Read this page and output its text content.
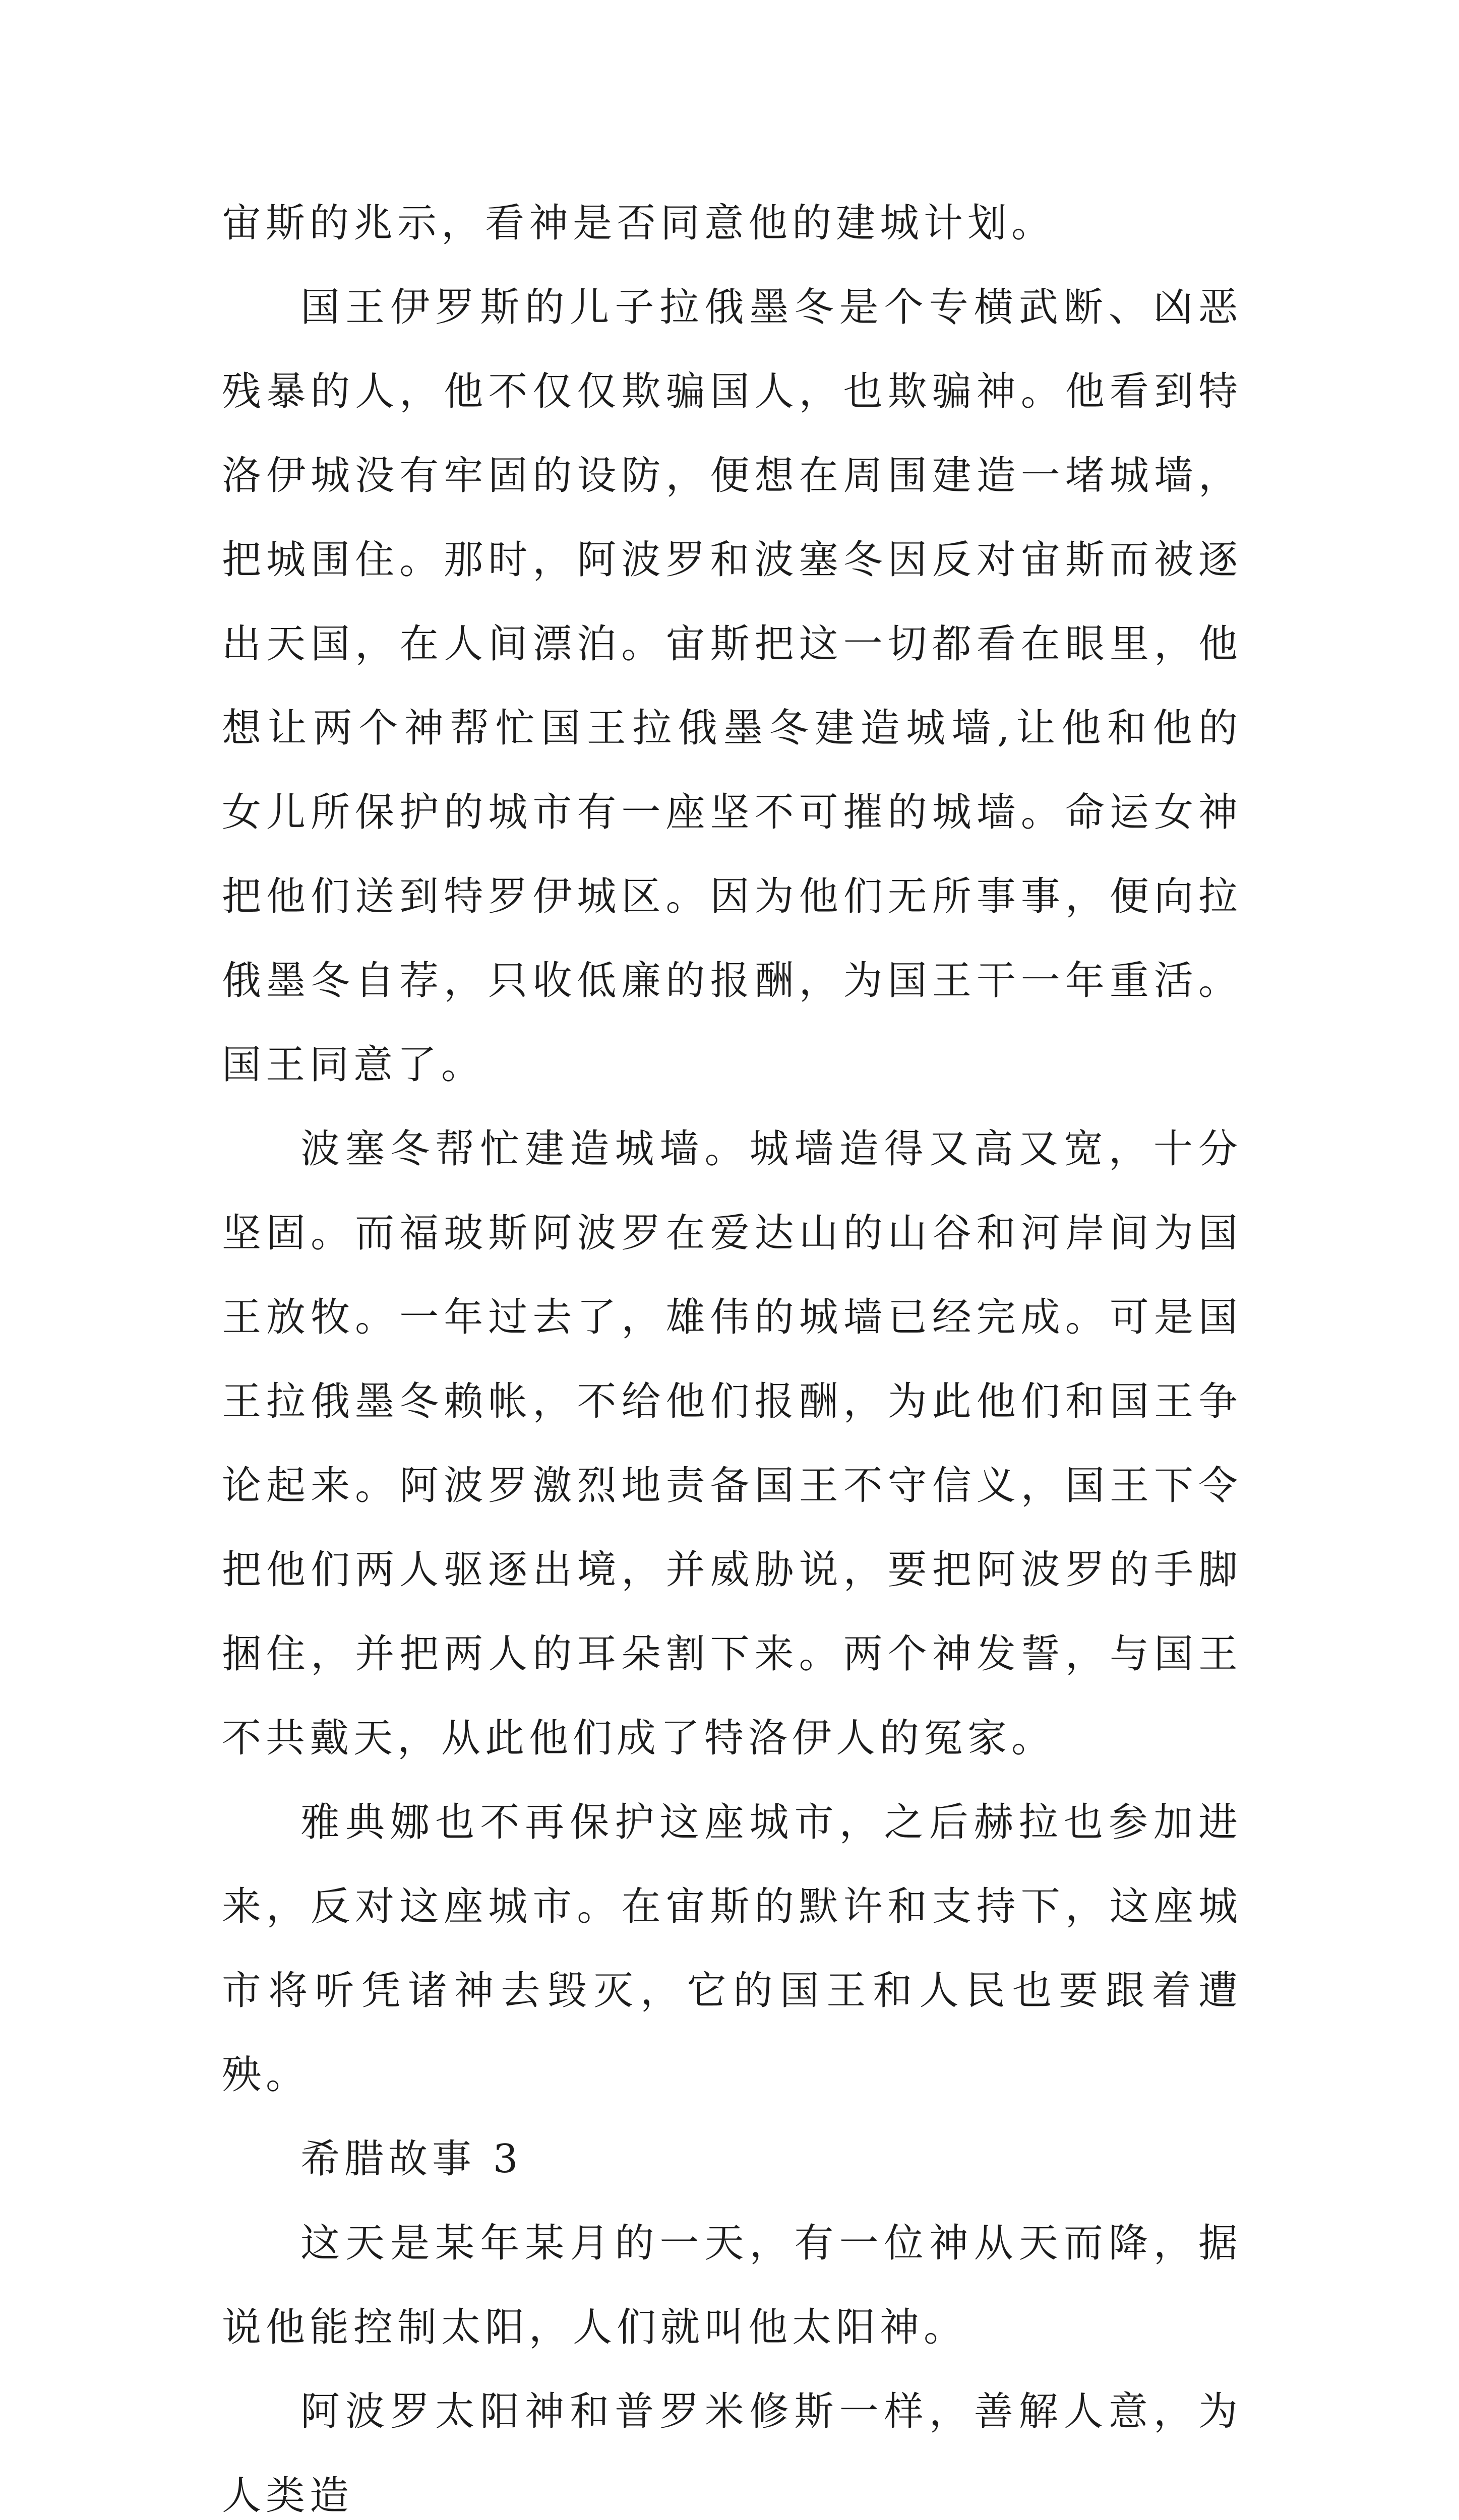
宙斯的兆示，看神是否同意他的建城计划。

国王伊罗斯的儿子拉俄墨冬是个专横武断、凶恶残暴的人，他不仅仅欺骗国人，也欺骗神。他看到特洛伊城没有牢固的设防，便想在周围建造一堵城墙，把城围住。那时，阿波罗和波塞冬因反对宙斯而被逐出天国，在人间漂泊。宙斯把这一切都看在眼里，他想让两个神帮忙国王拉俄墨冬建造城墙,让他和他的女儿所保护的城市有一座坚不可摧的城墙。命运女神把他们送到特罗伊城区。因为他们无所事事，便向拉俄墨冬自荐，只收低廉的报酬，为国王干一年重活。国王同意了。

波塞冬帮忙建造城墙。城墙造得又高又宽，十分坚固。而福玻斯阿波罗在爱达山的山谷和河岸间为国王放牧。一年过去了，雄伟的城墙已经完成。可是国王拉俄墨冬赖帐，不给他们报酬，为此他们和国王争论起来。阿波罗激烈地责备国王不守信义，国王下令把他们两人驱逐出境，并威胁说，要把阿波罗的手脚捆住，并把两人的耳朵割下来。两个神发誓，与国王不共戴天，从此他们成了特洛伊人的冤家。

雅典娜也不再保护这座城市，之后赫拉也参加进来，反对这座城市。在宙斯的默许和支持下，这座城市将听凭诸神去毁灭，它的国王和人民也要跟着遭殃。

希腊故事 3

这天是某年某月的一天，有一位神从天而降，据说他能控制太阳，人们就叫他太阳神。

阿波罗太阳神和普罗米修斯一样，善解人意，为人类造
